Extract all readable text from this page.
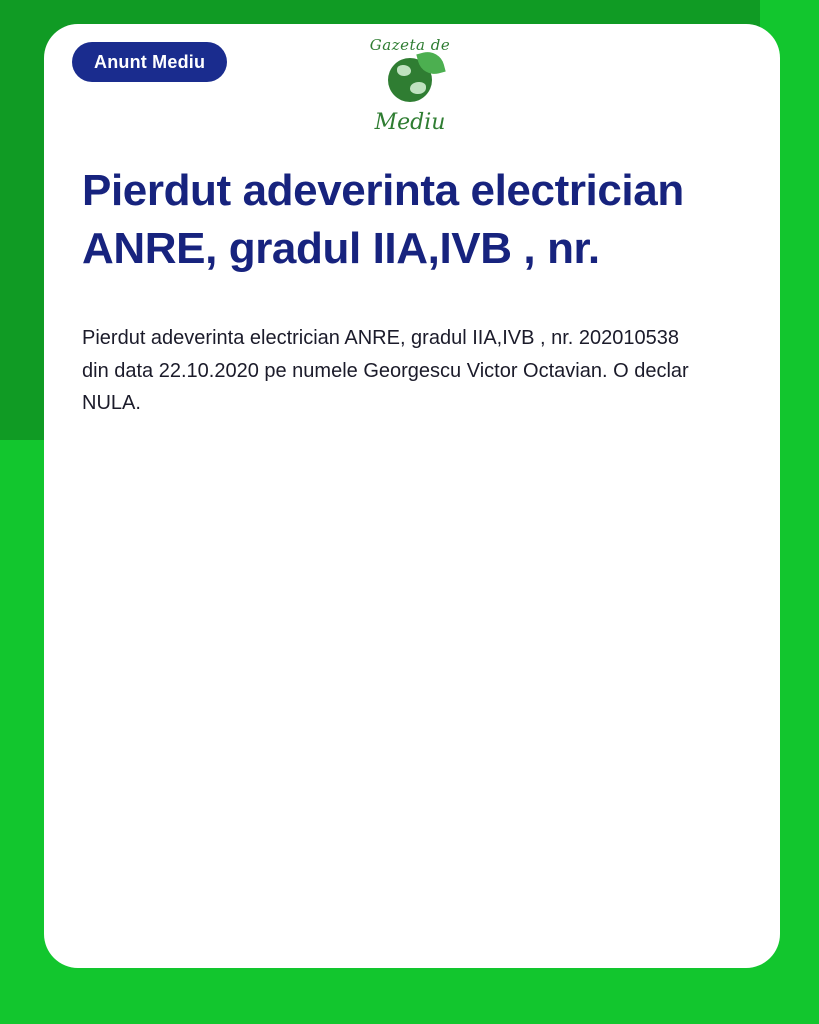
Anunt Mediu
Gazeta de
Mediu
Pierdut adeverinta electrician ANRE, gradul IIA,IVB , nr.

Pierdut adeverinta electrician ANRE, gradul IIA,IVB , nr. 202010538 din data 22.10.2020 pe numele Georgescu Victor Octavian. O declar NULA.
